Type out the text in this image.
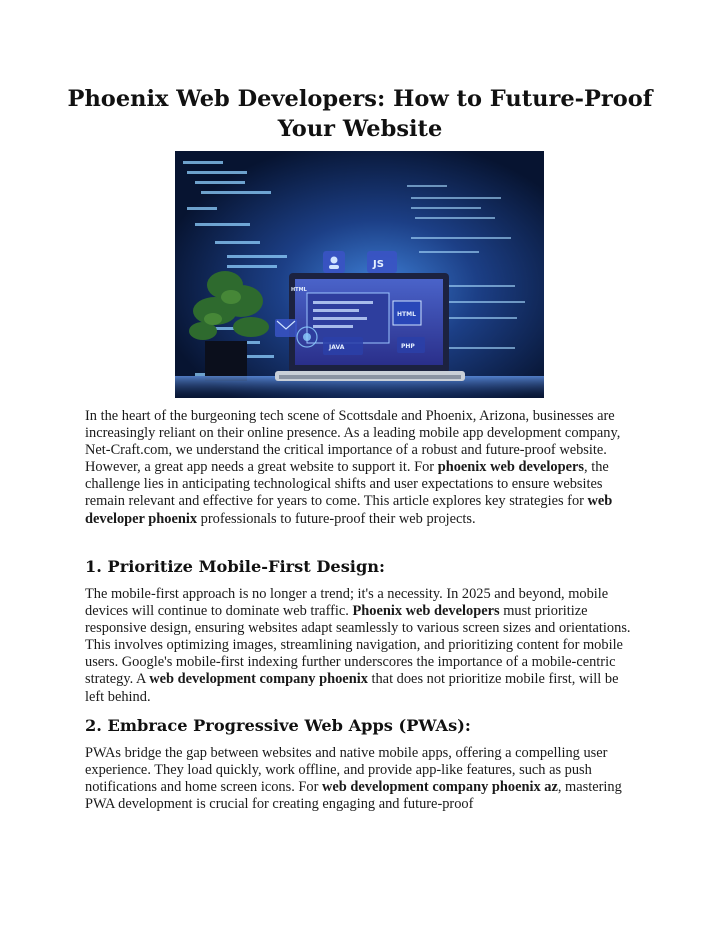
Phoenix Web Developers: How to Future-Proof Your Website
JS
HTML
JAVA	PHP
HTML

In the heart of the burgeoning tech scene of Scottsdale and Phoenix, Arizona, businesses are increasingly reliant on their online presence. As a leading mobile app development company, Net-Craft.com, we understand the critical importance of a robust and future-proof website. However, a great app needs a great website to support it. For phoenix web developers, the challenge lies in anticipating technological shifts and user expectations to ensure websites remain relevant and effective for years to come. This article explores key strategies for web developer phoenix professionals to future-proof their web projects.

1. Prioritize Mobile-First Design:

The mobile-first approach is no longer a trend; it's a necessity. In 2025 and beyond, mobile devices will continue to dominate web traffic. Phoenix web developers must prioritize responsive design, ensuring websites adapt seamlessly to various screen sizes and orientations. This involves optimizing images, streamlining navigation, and prioritizing content for mobile users. Google's mobile-first indexing further underscores the importance of a mobile-centric strategy. A web development company phoenix that does not prioritize mobile first, will be left behind.

2. Embrace Progressive Web Apps (PWAs):

PWAs bridge the gap between websites and native mobile apps, offering a compelling user experience. They load quickly, work offline, and provide app-like features, such as push notifications and home screen icons. For web development company phoenix az, mastering PWA development is crucial for creating engaging and future-proof
